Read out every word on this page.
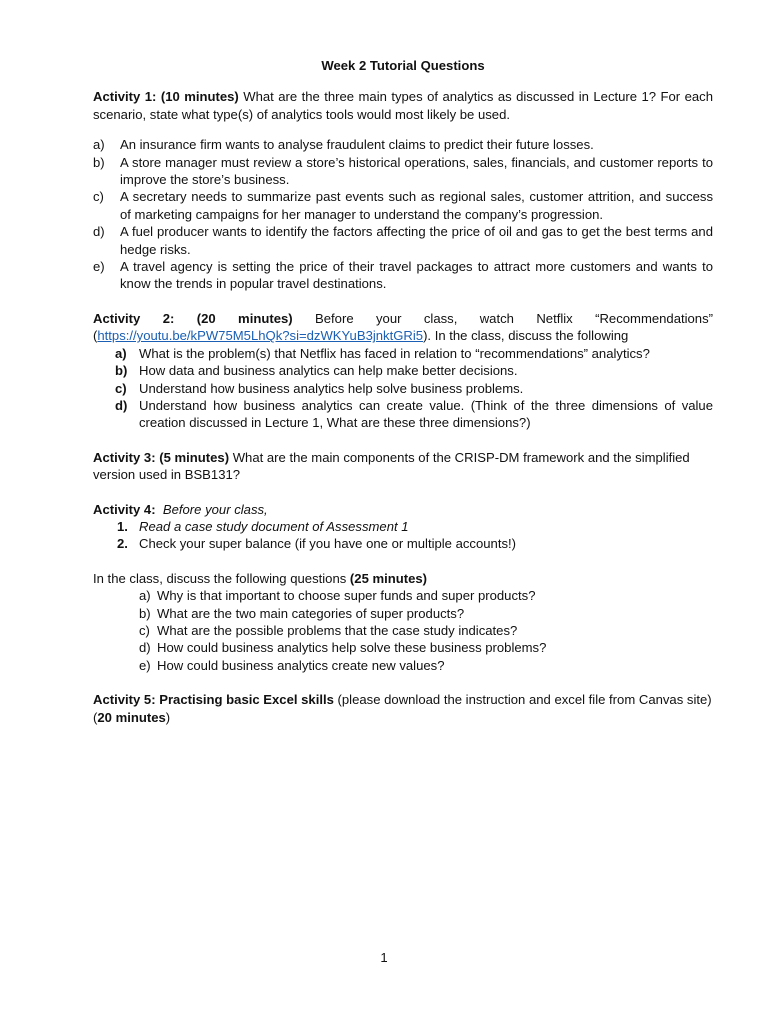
Week 2 Tutorial Questions

Activity 1: (10 minutes) What are the three main types of analytics as discussed in Lecture 1? For each scenario, state what type(s) of analytics tools would most likely be used.

a)	An insurance firm wants to analyse fraudulent claims to predict their future losses.
b)	A store manager must review a store’s historical operations, sales, financials, and customer reports to improve the store’s business.
c)	A secretary needs to summarize past events such as regional sales, customer attrition, and success of marketing campaigns for her manager to understand the company’s progression.
d)	A fuel producer wants to identify the factors affecting the price of oil and gas to get the best terms and hedge risks.
e)	A travel agency is setting the price of their travel packages to attract more customers and wants to know the trends in popular travel destinations.

Activity 2: (20 minutes) Before your class, watch Netflix “Recommendations” (https://youtu.be/kPW75M5LhQk?si=dzWKYuB3jnktGRi5). In the class, discuss the following

a) What is the problem(s) that Netflix has faced in relation to “recommendations” analytics?
b) How data and business analytics can help make better decisions.
c) Understand how business analytics help solve business problems.
d) Understand how business analytics can create value. (Think of the three dimensions of value creation discussed in Lecture 1, What are these three dimensions?)

Activity 3: (5 minutes) What are the main components of the CRISP-DM framework and the simplified version used in BSB131?

Activity 4: Before your class,

1. Read a case study document of Assessment 1
2. Check your super balance (if you have one or multiple accounts!)

In the class, discuss the following questions (25 minutes)

a) Why is that important to choose super funds and super products?
b) What are the two main categories of super products?
c) What are the possible problems that the case study indicates?
d) How could business analytics help solve these business problems?
e) How could business analytics create new values?

Activity 5: Practising basic Excel skills (please download the instruction and excel file from Canvas site) (20 minutes)

1
